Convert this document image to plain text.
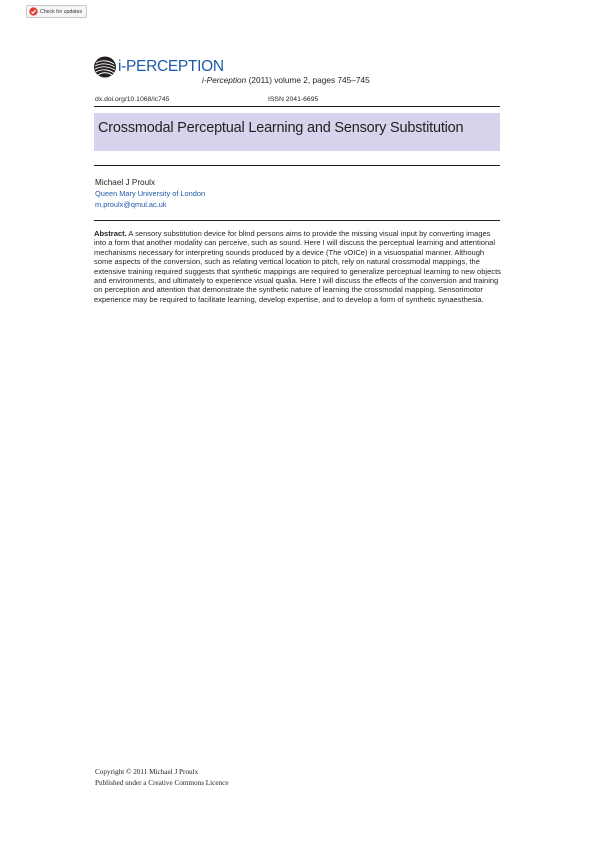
Check for updates
i-PERCEPTION
i-Perception (2011) volume 2, pages 745–745
dx.doi.org/10.1068/ic745	ISSN 2041-6695
Crossmodal Perceptual Learning and Sensory Substitution
Michael J Proulx
Queen Mary University of London
m.proulx@qmul.ac.uk
Abstract. A sensory substitution device for blind persons aims to provide the missing visual input by converting images into a form that another modality can perceive, such as sound. Here I will discuss the perceptual learning and attentional mechanisms necessary for interpreting sounds produced by a device (The vOICe) in a visuospatial manner. Although some aspects of the conversion, such as relating vertical location to pitch, rely on natural crossmodal mappings, the extensive training required suggests that synthetic mappings are required to generalize perceptual learning to new objects and environments, and ultimately to experience visual qualia. Here I will discuss the effects of the conversion and training on perception and attention that demonstrate the synthetic nature of learning the crossmodal mapping. Sensorimotor experience may be required to facilitate learning, develop expertise, and to develop a form of synthetic synaesthesia.
Copyright © 2011 Michael J Proulx
Published under a Creative Commons Licence
